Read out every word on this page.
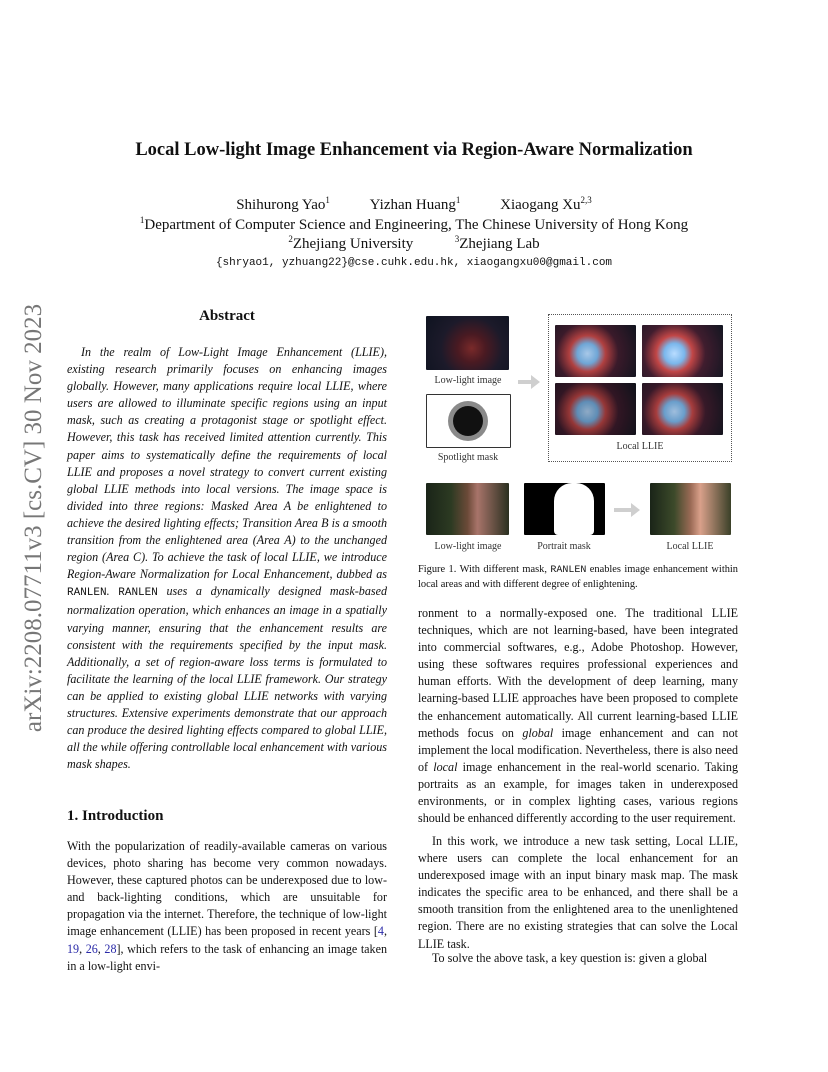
arXiv:2208.07711v3 [cs.CV] 30 Nov 2023
Local Low-light Image Enhancement via Region-Aware Normalization
Shihurong Yao$^1$	Yizhan Huang$^1$	Xiaogang Xu$^{2,3}$
$^1$Department of Computer Science and Engineering, The Chinese University of Hong Kong
$^2$Zhejiang University	$^3$Zhejiang Lab
{shryao1, yzhuang22}@cse.cuhk.edu.hk, xiaogangxu00@gmail.com
Abstract
In the realm of Low-Light Image Enhancement (LLIE), existing research primarily focuses on enhancing images globally. However, many applications require local LLIE, where users are allowed to illuminate specific regions using an input mask, such as creating a protagonist stage or spotlight effect. However, this task has received limited attention currently. This paper aims to systematically define the requirements of local LLIE and proposes a novel strategy to convert current existing global LLIE methods into local versions. The image space is divided into three regions: Masked Area A be enlightened to achieve the desired lighting effects; Transition Area B is a smooth transition from the enlightened area (Area A) to the unchanged region (Area C). To achieve the task of local LLIE, we introduce Region-Aware Normalization for Local Enhancement, dubbed as RANLEN. RANLEN uses a dynamically designed mask-based normalization operation, which enhances an image in a spatially varying manner, ensuring that the enhancement results are consistent with the requirements specified by the input mask. Additionally, a set of region-aware loss terms is formulated to facilitate the learning of the local LLIE framework. Our strategy can be applied to existing global LLIE networks with varying structures. Extensive experiments demonstrate that our approach can produce the desired lighting effects compared to global LLIE, all the while offering controllable local enhancement with various mask shapes.
1. Introduction
With the popularization of readily-available cameras on various devices, photo sharing has become very common nowadays. However, these captured photos can be underexposed due to low- and back-lighting conditions, which are unsuitable for propagation via the internet. Therefore, the technique of low-light image enhancement (LLIE) has been proposed in recent years [4, 19, 26, 28], which refers to the task of enhancing an image taken in a low-light envi-
Low-light image
Spotlight mask
Local LLIE
Low-light image	Portrait mask	Local LLIE
Figure 1. With different mask, RANLEN enables image enhancement within local areas and with different degree of enlightening.
ronment to a normally-exposed one. The traditional LLIE techniques, which are not learning-based, have been integrated into commercial softwares, e.g., Adobe Photoshop. However, using these softwares requires professional experiences and human efforts. With the development of deep learning, many learning-based LLIE approaches have been proposed to complete the enhancement automatically. All current learning-based LLIE methods focus on global image enhancement and can not implement the local modification. Nevertheless, there is also need of local image enhancement in the real-world scenario. Taking portraits as an example, for images taken in underexposed environments, or in complex lighting cases, various regions should be enhanced differently according to the user requirement.
In this work, we introduce a new task setting, Local LLIE, where users can complete the local enhancement for an underexposed image with an input binary mask map. The mask indicates the specific area to be enhanced, and there shall be a smooth transition from the enlightened area to the unenlightened region. There are no existing strategies that can solve the Local LLIE task.
To solve the above task, a key question is: given a global
